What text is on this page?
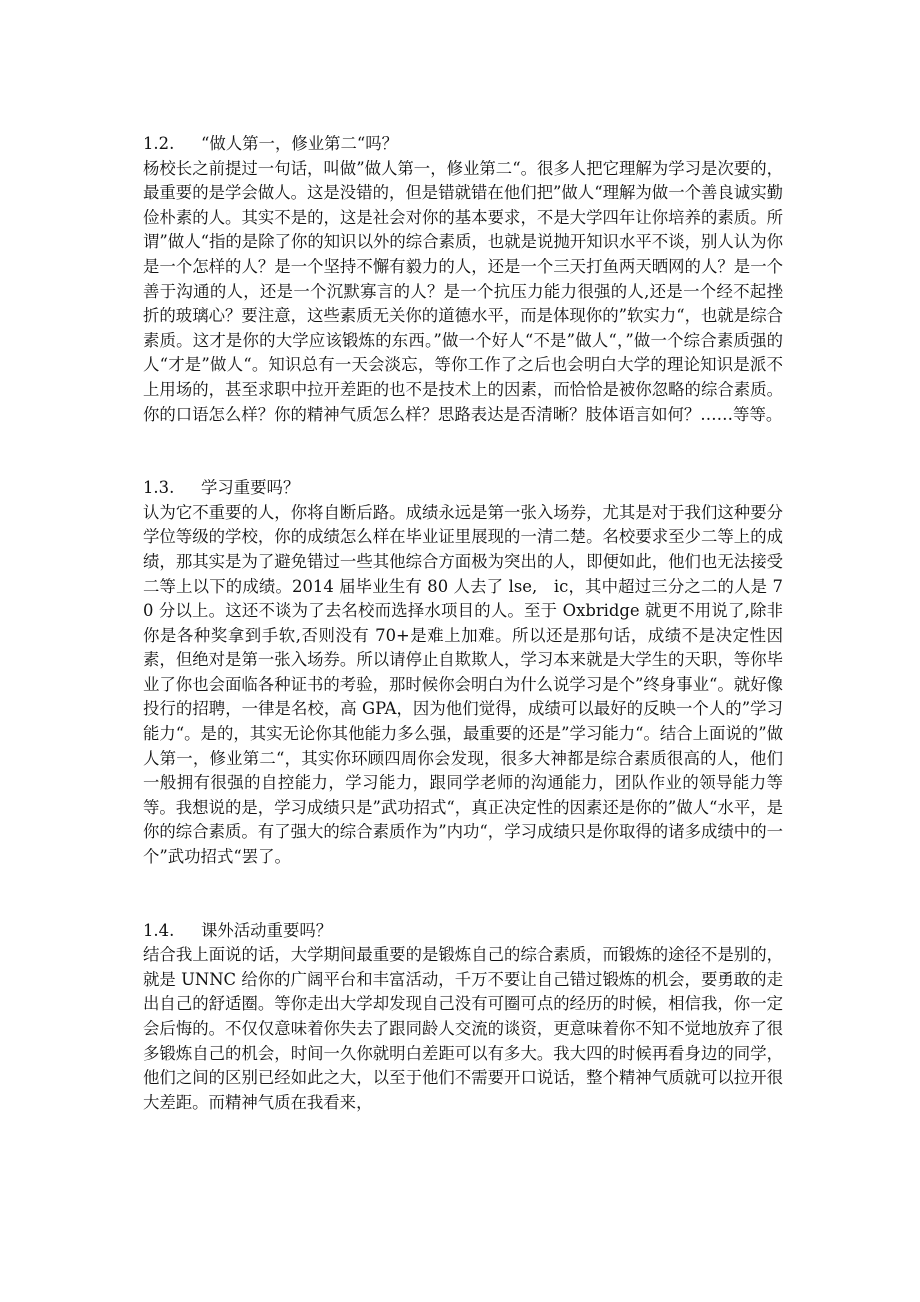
1.2.	“做人第一，修业第二“吗？

杨校长之前提过一句话，叫做”做人第一，修业第二“。很多人把它理解为学习是次要的，最重要的是学会做人。这是没错的，但是错就错在他们把”做人“理解为做一个善良诚实勤俭朴素的人。其实不是的，这是社会对你的基本要求，不是大学四年让你培养的素质。所谓”做人“指的是除了你的知识以外的综合素质，也就是说抛开知识水平不谈，别人认为你是一个怎样的人？是一个坚持不懈有毅力的人，还是一个三天打鱼两天晒网的人？是一个善于沟通的人，还是一个沉默寡言的人？是一个抗压力能力很强的人,还是一个经不起挫折的玻璃心？要注意，这些素质无关你的道德水平，而是体现你的”软实力“，也就是综合素质。这才是你的大学应该锻炼的东西。”做一个好人“不是”做人“，”做一个综合素质强的人“才是”做人“。知识总有一天会淡忘，等你工作了之后也会明白大学的理论知识是派不上用场的，甚至求职中拉开差距的也不是技术上的因素，而恰恰是被你忽略的综合素质。你的口语怎么样？你的精神气质怎么样？思路表达是否清晰？肢体语言如何？……等等。

1.3.	学习重要吗？

认为它不重要的人，你将自断后路。成绩永远是第一张入场券，尤其是对于我们这种要分学位等级的学校，你的成绩怎么样在毕业证里展现的一清二楚。名校要求至少二等上的成绩，那其实是为了避免错过一些其他综合方面极为突出的人，即便如此，他们也无法接受二等上以下的成绩。2014 届毕业生有 80 人去了 lse,　ic，其中超过三分之二的人是 70 分以上。这还不谈为了去名校而选择水项目的人。至于 Oxbridge 就更不用说了,除非你是各种奖拿到手软,否则没有 70+是难上加难。所以还是那句话，成绩不是决定性因素，但绝对是第一张入场券。所以请停止自欺欺人，学习本来就是大学生的天职，等你毕业了你也会面临各种证书的考验，那时候你会明白为什么说学习是个”终身事业“。就好像投行的招聘，一律是名校，高 GPA，因为他们觉得，成绩可以最好的反映一个人的”学习能力“。是的，其实无论你其他能力多么强，最重要的还是”学习能力“。结合上面说的”做人第一，修业第二“，其实你环顾四周你会发现，很多大神都是综合素质很高的人，他们一般拥有很强的自控能力，学习能力，跟同学老师的沟通能力，团队作业的领导能力等等。我想说的是，学习成绩只是”武功招式“，真正决定性的因素还是你的”做人“水平，是你的综合素质。有了强大的综合素质作为”内功“，学习成绩只是你取得的诸多成绩中的一个”武功招式“罢了。

1.4.	课外活动重要吗？

结合我上面说的话，大学期间最重要的是锻炼自己的综合素质，而锻炼的途径不是别的，就是 UNNC 给你的广阔平台和丰富活动，千万不要让自己错过锻炼的机会，要勇敢的走出自己的舒适圈。等你走出大学却发现自己没有可圈可点的经历的时候，相信我，你一定会后悔的。不仅仅意味着你失去了跟同龄人交流的谈资，更意味着你不知不觉地放弃了很多锻炼自己的机会，时间一久你就明白差距可以有多大。我大四的时候再看身边的同学，他们之间的区别已经如此之大，以至于他们不需要开口说话，整个精神气质就可以拉开很大差距。而精神气质在我看来，
